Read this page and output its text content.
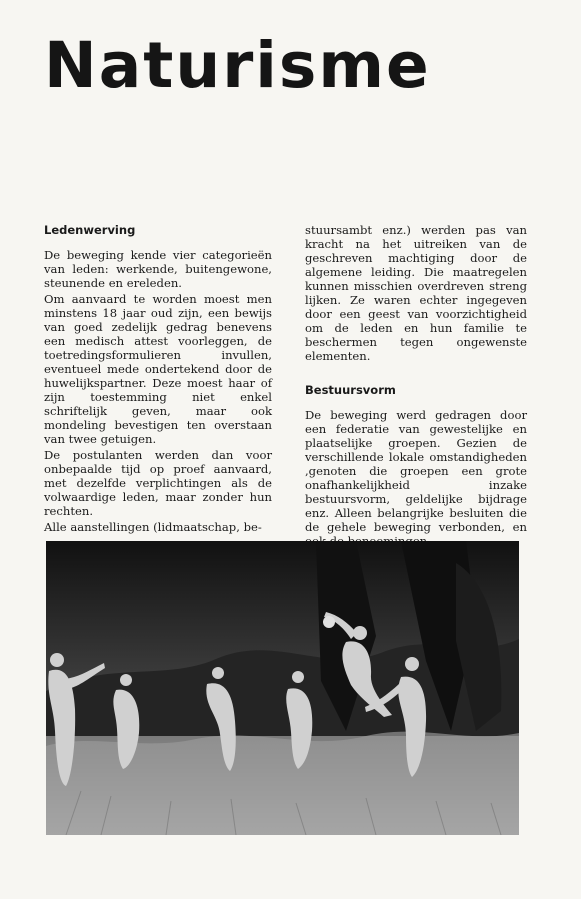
Naturisme
Ledenwerving

De beweging kende vier categorieën van leden: werkende, buitengewone, steunende en ereleden.

Om aanvaard te worden moest men minstens 18 jaar oud zijn, een bewijs van goed zedelijk gedrag benevens een medisch attest voorleggen, de toetredingsformulieren invullen, eventueel mede ondertekend door de huwelijkspartner. Deze moest haar of zijn toestemming niet enkel schriftelijk geven, maar ook mondeling bevestigen ten overstaan van twee getuigen.

De postulanten werden dan voor onbepaalde tijd op proef aanvaard, met dezelfde verplichtingen als de volwaardige leden, maar zonder hun rechten.

Alle aanstellingen (lidmaatschap, be-

stuursambt enz.) werden pas van kracht na het uitreiken van de geschreven machtiging door de algemene leiding. Die maatregelen kunnen misschien overdreven streng lijken. Ze waren echter ingegeven door een geest van voorzichtigheid om de leden en hun familie te beschermen tegen ongewenste elementen.

Bestuursvorm

De beweging werd gedragen door een federatie van gewestelijke en plaatselijke groepen. Gezien de verschillende lokale omstandigheden ,genoten die groepen een grote onafhankelijkheid inzake bestuursvorm, geldelijke bijdrage enz. Alleen belangrijke besluiten die de gehele beweging verbonden, en
